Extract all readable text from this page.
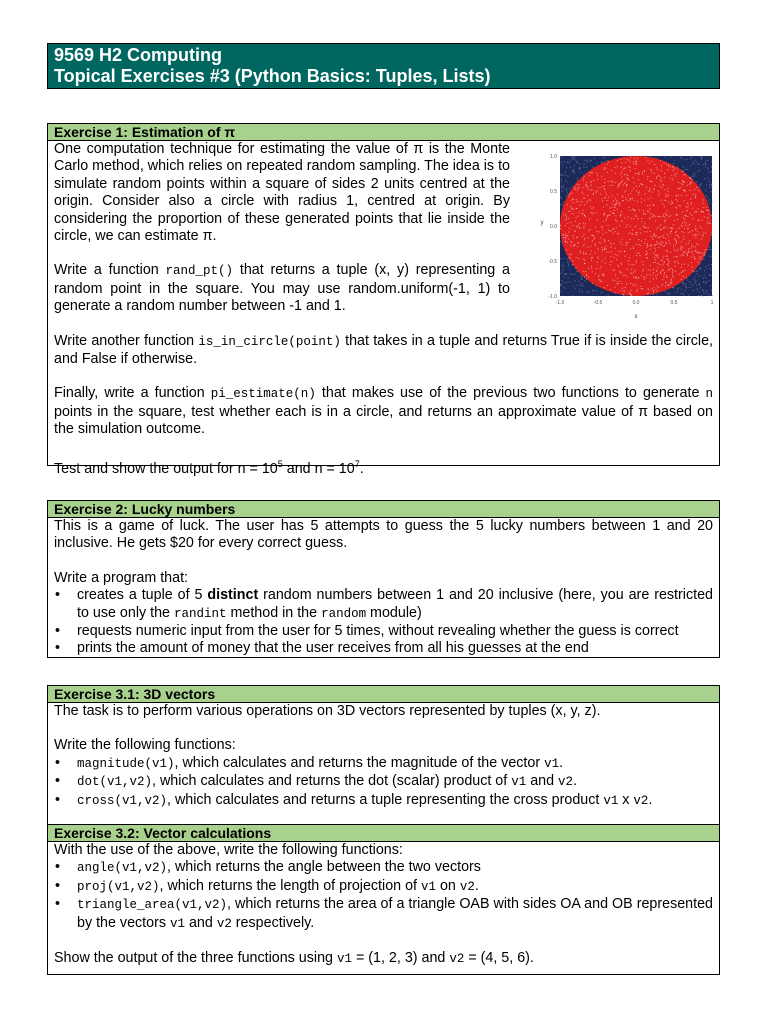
9569 H2 Computing
Topical Exercises #3 (Python Basics: Tuples, Lists)
Exercise 1: Estimation of π

One computation technique for estimating the value of π is the Monte Carlo method, which relies on repeated random sampling. The idea is to simulate random points within a square of sides 2 units centred at the origin. Consider also a circle with radius 1, centred at origin. By considering the proportion of these generated points that lie inside the circle, we can estimate π.

Write a function rand_pt() that returns a tuple (x, y) representing a random point in the square. You may use random.uniform(-1, 1) to generate a random number between -1 and 1.

Write another function is_in_circle(point) that takes in a tuple and returns True if is inside the circle, and False if otherwise.

Finally, write a function pi_estimate(n) that makes use of the previous two functions to generate n points in the square, test whether each is in a circle, and returns an approximate value of π based on the simulation outcome.

Test and show the output for $n = 10^5$ and $n = 10^7$.

1.0
0.5
0.0
-0.5
-1.0
-1.0	-0.5	0.0	0.5	1
x
y
Exercise 2: Lucky numbers

This is a game of luck. The user has 5 attempts to guess the 5 lucky numbers between 1 and 20 inclusive. He gets $20 for every correct guess.

Write a program that:

• creates a tuple of 5 distinct random numbers between 1 and 20 inclusive (here, you are restricted to use only the randint method in the random module)
• requests numeric input from the user for 5 times, without revealing whether the guess is correct
• prints the amount of money that the user receives from all his guesses at the end
Exercise 3.1: 3D vectors

The task is to perform various operations on 3D vectors represented by tuples (x, y, z).

Write the following functions:

• magnitude(v1), which calculates and returns the magnitude of the vector v1.
• dot(v1,v2), which calculates and returns the dot (scalar) product of v1 and v2.
• cross(v1,v2), which calculates and returns a tuple representing the cross product v1 x v2.
Exercise 3.2: Vector calculations

With the use of the above, write the following functions:

• angle(v1,v2), which returns the angle between the two vectors
• proj(v1,v2), which returns the length of projection of v1 on v2.
• triangle_area(v1,v2), which returns the area of a triangle OAB with sides OA and OB represented by the vectors v1 and v2 respectively.

Show the output of the three functions using v1 = (1, 2, 3) and v2 = (4, 5, 6).
